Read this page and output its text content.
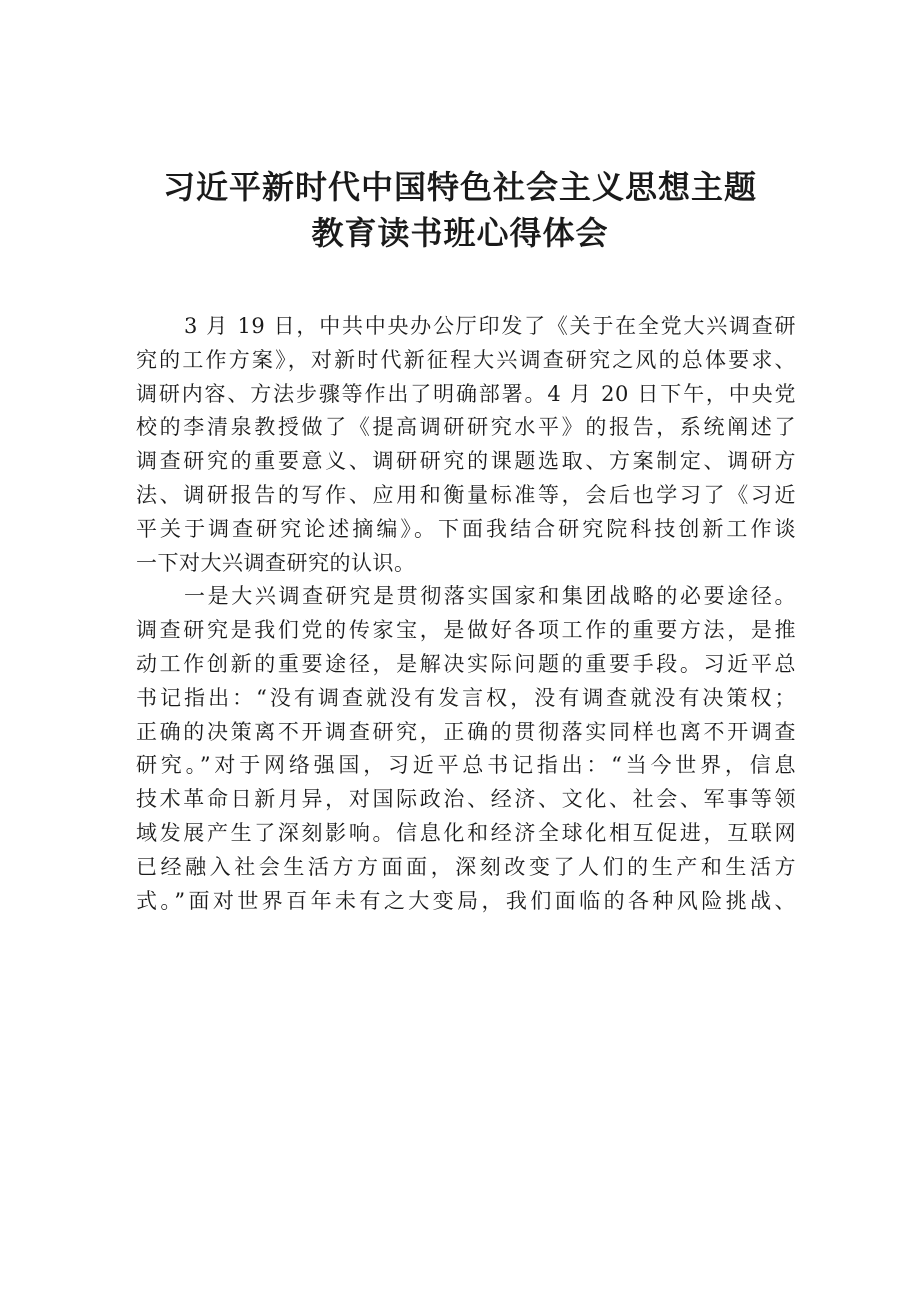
习近平新时代中国特色社会主义思想主题
教育读书班心得体会
3 月 19 日，中共中央办公厅印发了《关于在全党大兴调查研
究的工作方案》，对新时代新征程大兴调查研究之风的总体要求、
调研内容、方法步骤等作出了明确部署。4 月 20 日下午，中央党
校的李清泉教授做了《提高调研研究水平》的报告，系统阐述了
调查研究的重要意义、调研研究的课题选取、方案制定、调研方
法、调研报告的写作、应用和衡量标准等，会后也学习了《习近
平关于调查研究论述摘编》。下面我结合研究院科技创新工作谈
一下对大兴调查研究的认识。
一是大兴调查研究是贯彻落实国家和集团战略的必要途径。
调查研究是我们党的传家宝，是做好各项工作的重要方法，是推
动工作创新的重要途径，是解决实际问题的重要手段。习近平总
书记指出：“没有调查就没有发言权，没有调查就没有决策权；
正确的决策离不开调查研究，正确的贯彻落实同样也离不开调查
研究。”对于网络强国，习近平总书记指出：“当今世界，信息
技术革命日新月异，对国际政治、经济、文化、社会、军事等领
域发展产生了深刻影响。信息化和经济全球化相互促进，互联网
已经融入社会生活方方面面，深刻改变了人们的生产和生活方
式。”面对世界百年未有之大变局，我们面临的各种风险挑战、
